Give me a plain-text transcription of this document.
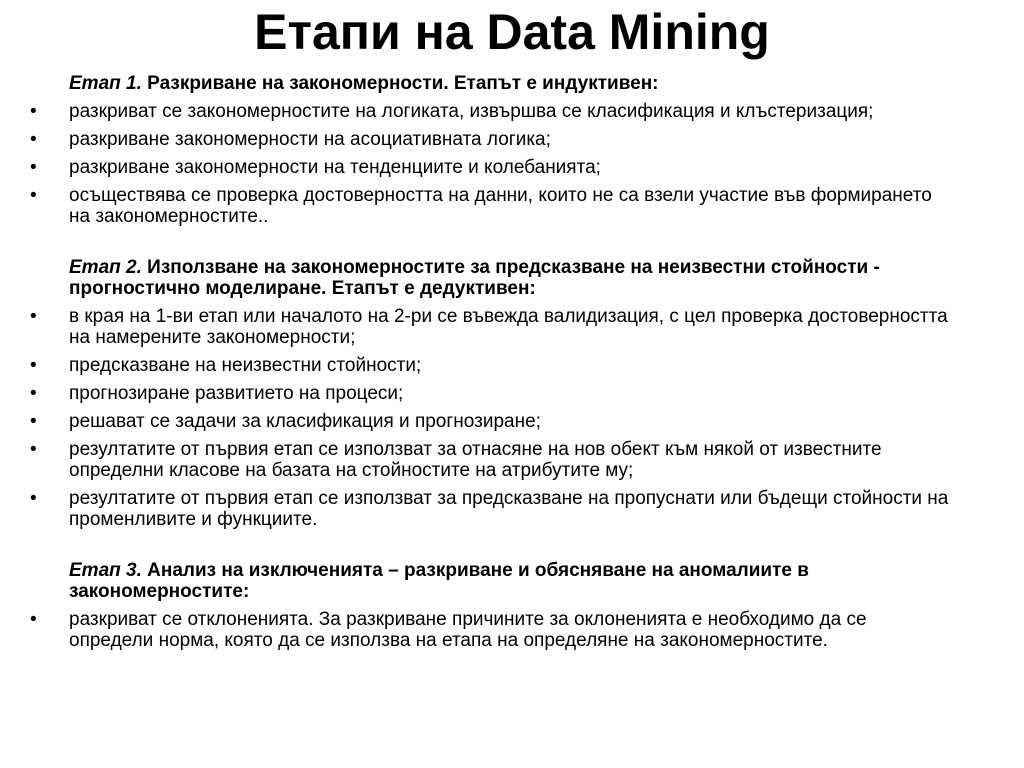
Етапи на Data Mining
Етап 1. Разкриване на закономерности. Етапът е индуктивен:
• разкриват се закономерностите на логиката, извършва се класификация и клъстеризация;
• разкриване закономерности на асоциативната логика;
• разкриване закономерности на тенденциите и колебанията;
• осъществява се проверка достоверността на данни, които не са взели участие във формирането на закономерностите..
Етап 2. Използване на закономерностите за предсказване на неизвестни стойности - прогностично моделиране. Етапът е дедуктивен:
• в края на 1-ви етап или началото на 2-ри се въвежда валидизация, с цел проверка достоверността на намерените закономерности;
• предсказване на неизвестни стойности;
• прогнозиране развитието на процеси;
• решават се задачи за класификация и прогнозиране;
• резултатите от първия етап се използват за отнасяне на нов обект към някой от известните определни класове на базата на стойностите на атрибутите му;
• резултатите от първия етап се използват за предсказване на пропуснати или бъдещи стойности на променливите и функциите.
Етап 3. Анализ на изключенията – разкриване и обясняване на аномалиите в закономерностите:
• разкриват се отклоненията. За разкриване причините за оклоненията е необходимо да се определи норма, която да се използва на етапа на определяне на закономерностите.
